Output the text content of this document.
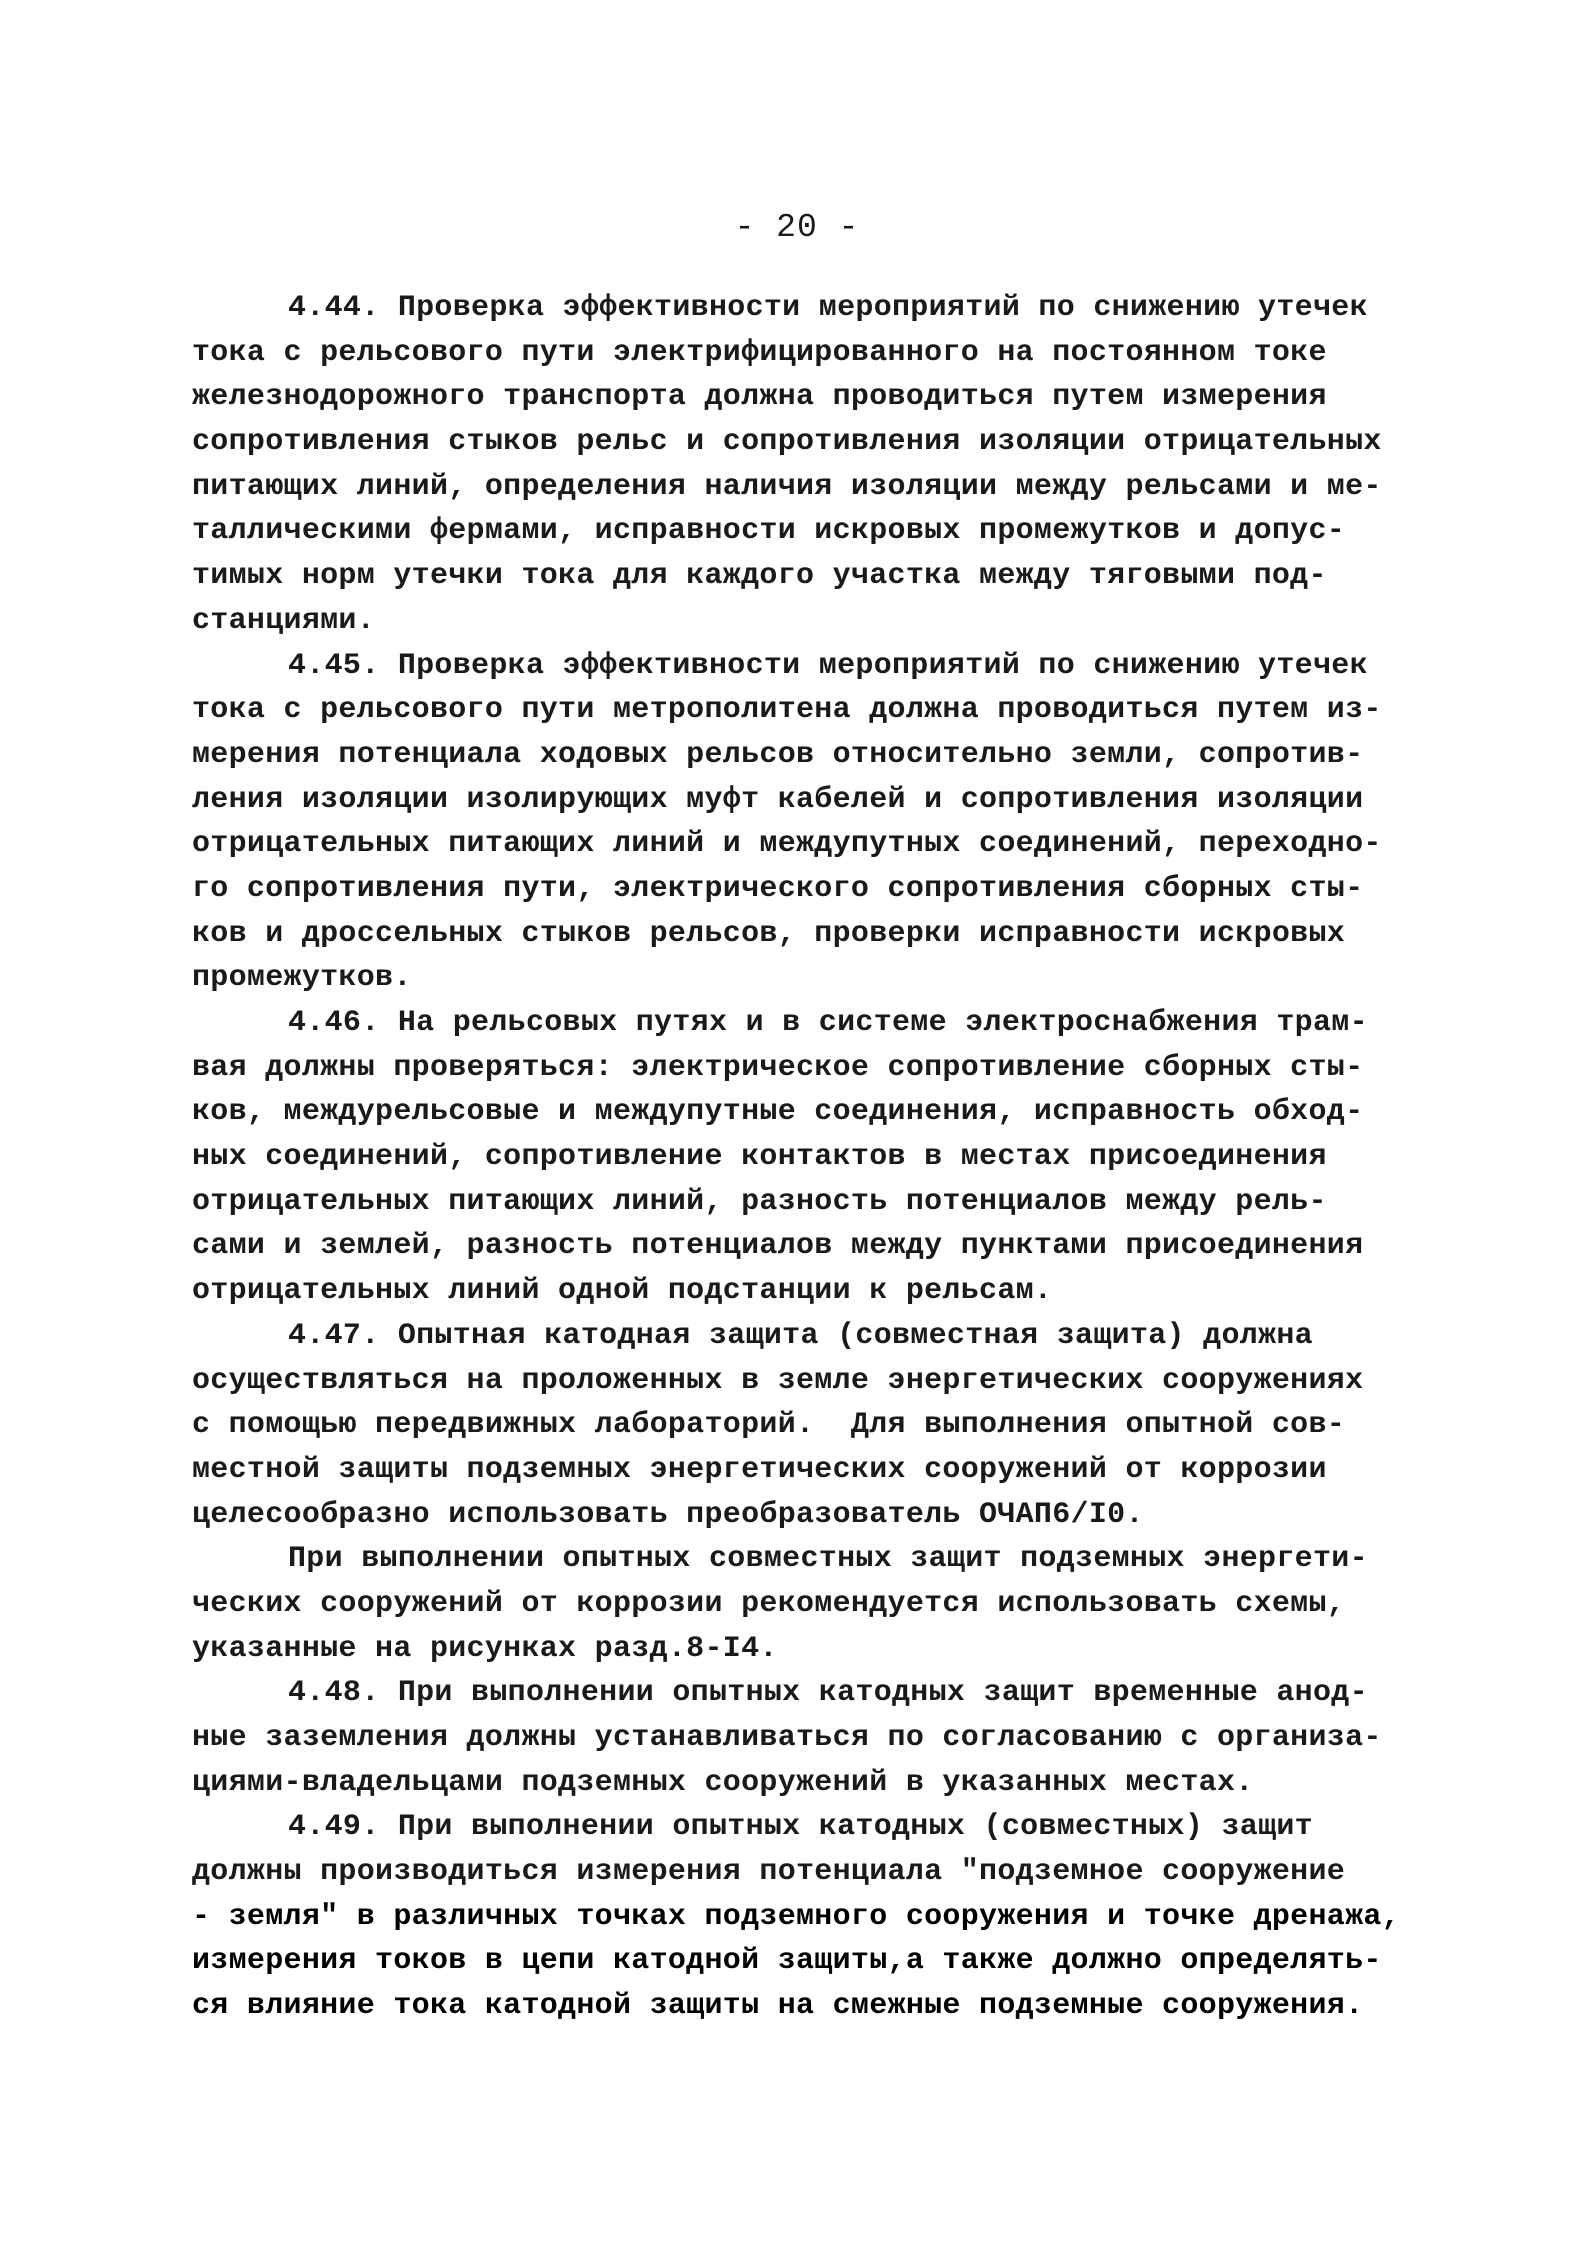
- 20 -
4.44. Проверка эффективности мероприятий по снижению утечек
тока с рельсового пути электрифицированного на постоянном токе
железнодорожного транспорта должна проводиться путем измерения
сопротивления стыков рельс и сопротивления изоляции отрицательных
питающих линий, определения наличия изоляции между рельсами и ме-
таллическими фермами, исправности искровых промежутков и допус-
тимых норм утечки тока для каждого участка между тяговыми под-
станциями.
4.45. Проверка эффективности мероприятий по снижению утечек
тока с рельсового пути метрополитена должна проводиться путем из-
мерения потенциала ходовых рельсов относительно земли, сопротив-
ления изоляции изолирующих муфт кабелей и сопротивления изоляции
отрицательных питающих линий и междупутных соединений, переходно-
го сопротивления пути, электрического сопротивления сборных сты-
ков и дроссельных стыков рельсов, проверки исправности искровых
промежутков.
4.46. На рельсовых путях и в системе электроснабжения трам-
вая должны проверяться: электрическое сопротивление сборных сты-
ков, междурельсовые и междупутные соединения, исправность обход-
ных соединений, сопротивление контактов в местах присоединения
отрицательных питающих линий, разность потенциалов между рель-
сами и землей, разность потенциалов между пунктами присоединения
отрицательных линий одной подстанции к рельсам.
4.47. Опытная катодная защита (совместная защита) должна
осуществляться на проложенных в земле энергетических сооружениях
с помощью передвижных лабораторий.  Для выполнения опытной сов-
местной защиты подземных энергетических сооружений от коррозии
целесообразно использовать преобразователь ОЧАП6/I0.
При выполнении опытных совместных защит подземных энергети-
ческих сооружений от коррозии рекомендуется использовать схемы,
указанные на рисунках разд.8-I4.
4.48. При выполнении опытных катодных защит временные анод-
ные заземления должны устанавливаться по согласованию с организа-
циями-владельцами подземных сооружений в указанных местах.
4.49. При выполнении опытных катодных (совместных) защит
должны производиться измерения потенциала "подземное сооружение
- земля" в различных точках подземного сооружения и точке дренажа,
измерения токов в цепи катодной защиты,а также должно определять-
ся влияние тока катодной защиты на смежные подземные сооружения.
